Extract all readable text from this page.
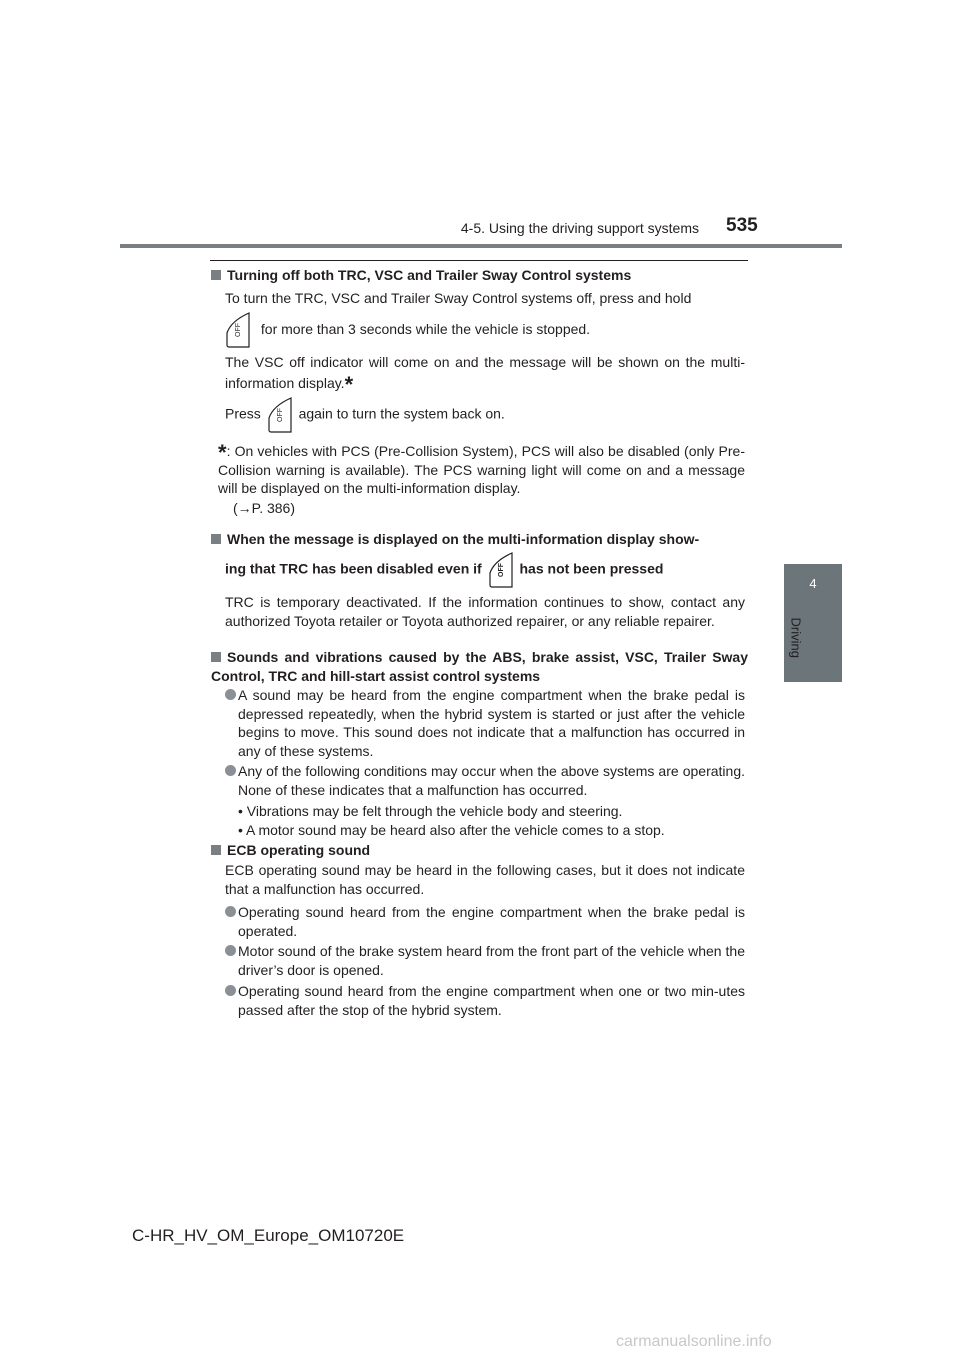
4-5. Using the driving support systems 535
4
Driving
Turning off both TRC, VSC and Trailer Sway Control systems
To turn the TRC, VSC and Trailer Sway Control systems off, press and hold
OFF for more than 3 seconds while the vehicle is stopped.
The VSC off indicator will come on and the message will be shown on the multi-information display.*
Press OFF again to turn the system back on.
*: On vehicles with PCS (Pre-Collision System), PCS will also be disabled (only Pre-Collision warning is available). The PCS warning light will come on and a message will be displayed on the multi-information display.
(→P. 386)
When the message is displayed on the multi-information display show-
ing that TRC has been disabled even if OFF has not been pressed
TRC is temporary deactivated. If the information continues to show, contact any authorized Toyota retailer or Toyota authorized repairer, or any reliable repairer.
Sounds and vibrations caused by the ABS, brake assist, VSC, Trailer Sway Control, TRC and hill-start assist control systems
A sound may be heard from the engine compartment when the brake pedal is depressed repeatedly, when the hybrid system is started or just after the vehicle begins to move. This sound does not indicate that a malfunction has occurred in any of these systems.
Any of the following conditions may occur when the above systems are operating. None of these indicates that a malfunction has occurred.
• Vibrations may be felt through the vehicle body and steering.
• A motor sound may be heard also after the vehicle comes to a stop.
ECB operating sound
ECB operating sound may be heard in the following cases, but it does not indicate that a malfunction has occurred.
Operating sound heard from the engine compartment when the brake pedal is operated.
Motor sound of the brake system heard from the front part of the vehicle when the driver’s door is opened.
Operating sound heard from the engine compartment when one or two min-utes passed after the stop of the hybrid system.
C-HR_HV_OM_Europe_OM10720E
carmanualsonline.info
